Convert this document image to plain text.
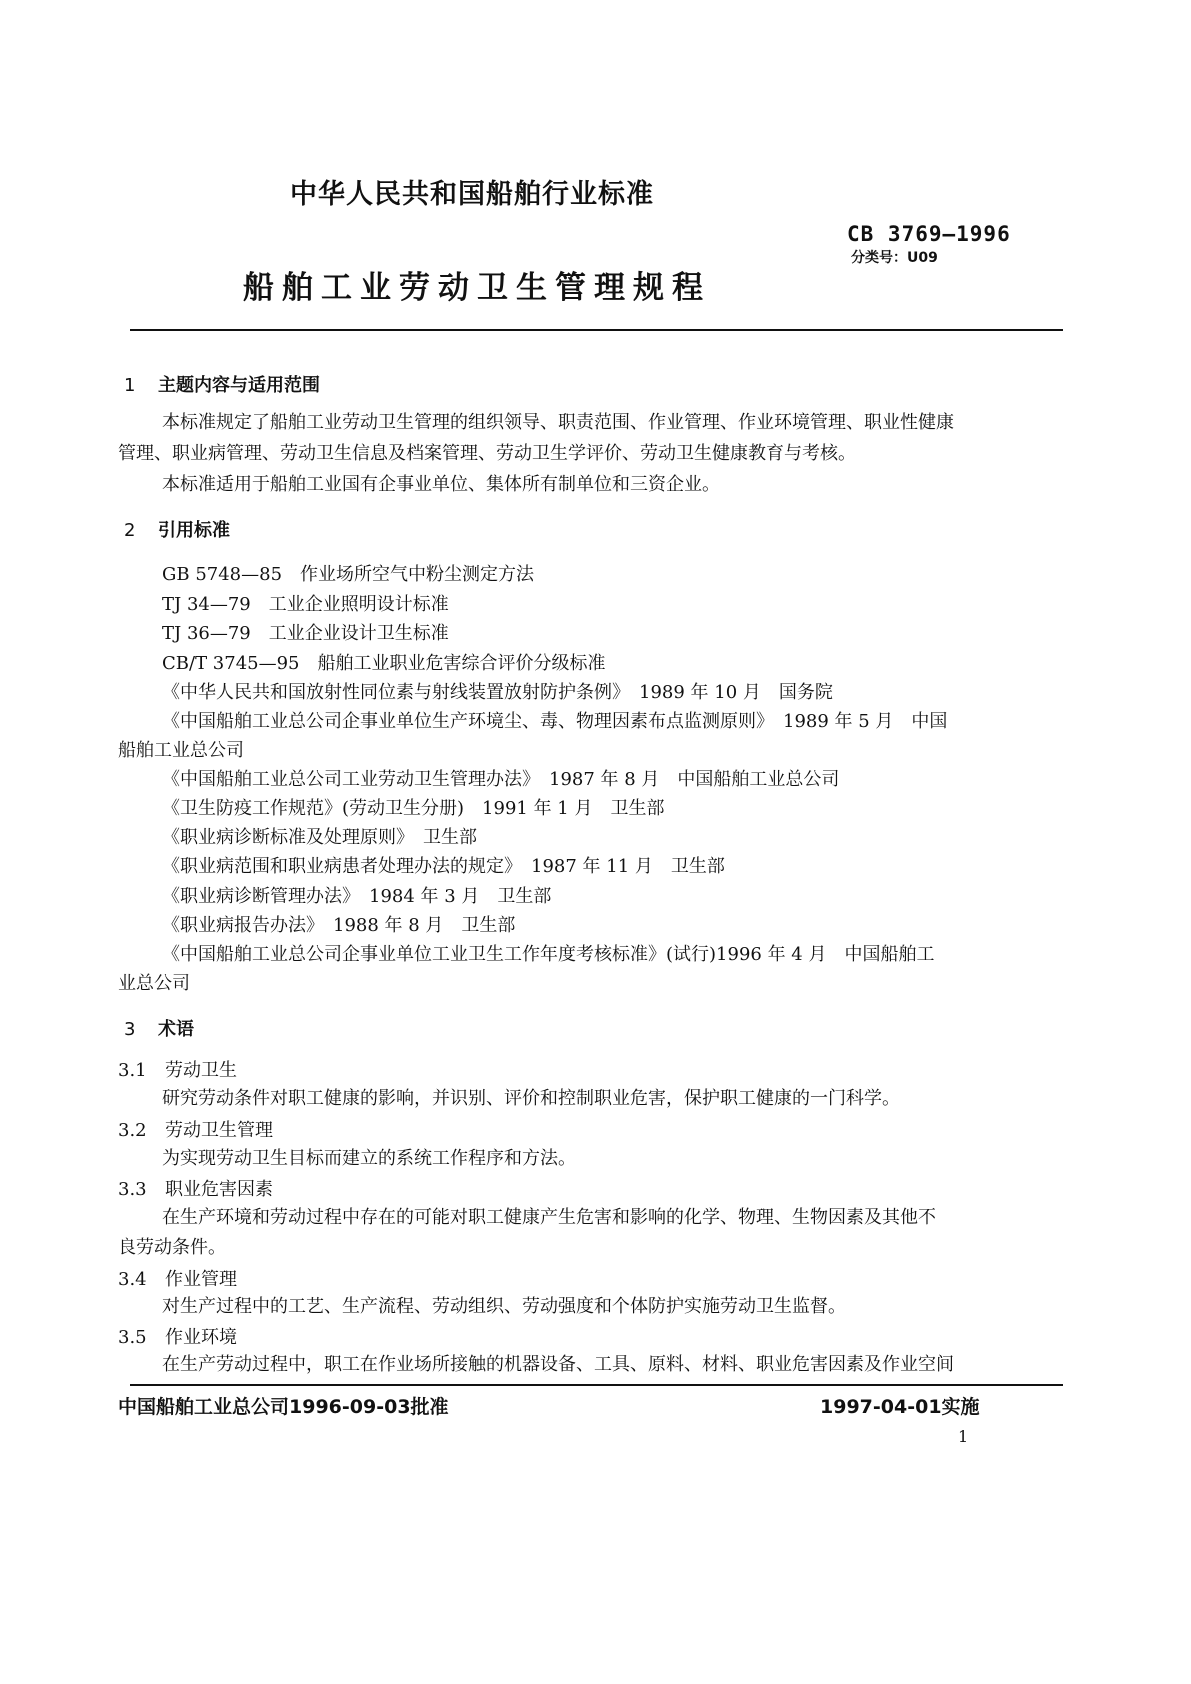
中华人民共和国船舶行业标准
CB 3769—1996
分类号：U09
船舶工业劳动卫生管理规程
1 主题内容与适用范围
本标准规定了船舶工业劳动卫生管理的组织领导、职责范围、作业管理、作业环境管理、职业性健康
管理、职业病管理、劳动卫生信息及档案管理、劳动卫生学评价、劳动卫生健康教育与考核。
本标准适用于船舶工业国有企事业单位、集体所有制单位和三资企业。
2 引用标准
GB 5748—85　作业场所空气中粉尘测定方法
TJ 34—79　工业企业照明设计标准
TJ 36—79　工业企业设计卫生标准
CB/T 3745—95　船舶工业职业危害综合评价分级标准
《中华人民共和国放射性同位素与射线装置放射防护条例》　1989 年 10 月　国务院
《中国船舶工业总公司企事业单位生产环境尘、毒、物理因素布点监测原则》　1989 年 5 月　中国
船舶工业总公司
《中国船舶工业总公司工业劳动卫生管理办法》　1987 年 8 月　中国船舶工业总公司
《卫生防疫工作规范》(劳动卫生分册)　1991 年 1 月　卫生部
《职业病诊断标准及处理原则》　卫生部
《职业病范围和职业病患者处理办法的规定》　1987 年 11 月　卫生部
《职业病诊断管理办法》　1984 年 3 月　卫生部
《职业病报告办法》　1988 年 8 月　卫生部
《中国船舶工业总公司企事业单位工业卫生工作年度考核标准》(试行)1996 年 4 月　中国船舶工
业总公司
3 术语
3.1 劳动卫生
研究劳动条件对职工健康的影响，并识别、评价和控制职业危害，保护职工健康的一门科学。
3.2 劳动卫生管理
为实现劳动卫生目标而建立的系统工作程序和方法。
3.3 职业危害因素
在生产环境和劳动过程中存在的可能对职工健康产生危害和影响的化学、物理、生物因素及其他不
良劳动条件。
3.4 作业管理
对生产过程中的工艺、生产流程、劳动组织、劳动强度和个体防护实施劳动卫生监督。
3.5 作业环境
在生产劳动过程中，职工在作业场所接触的机器设备、工具、原料、材料、职业危害因素及作业空间
中国船舶工业总公司1996-09-03批准	1997-04-01实施
1
